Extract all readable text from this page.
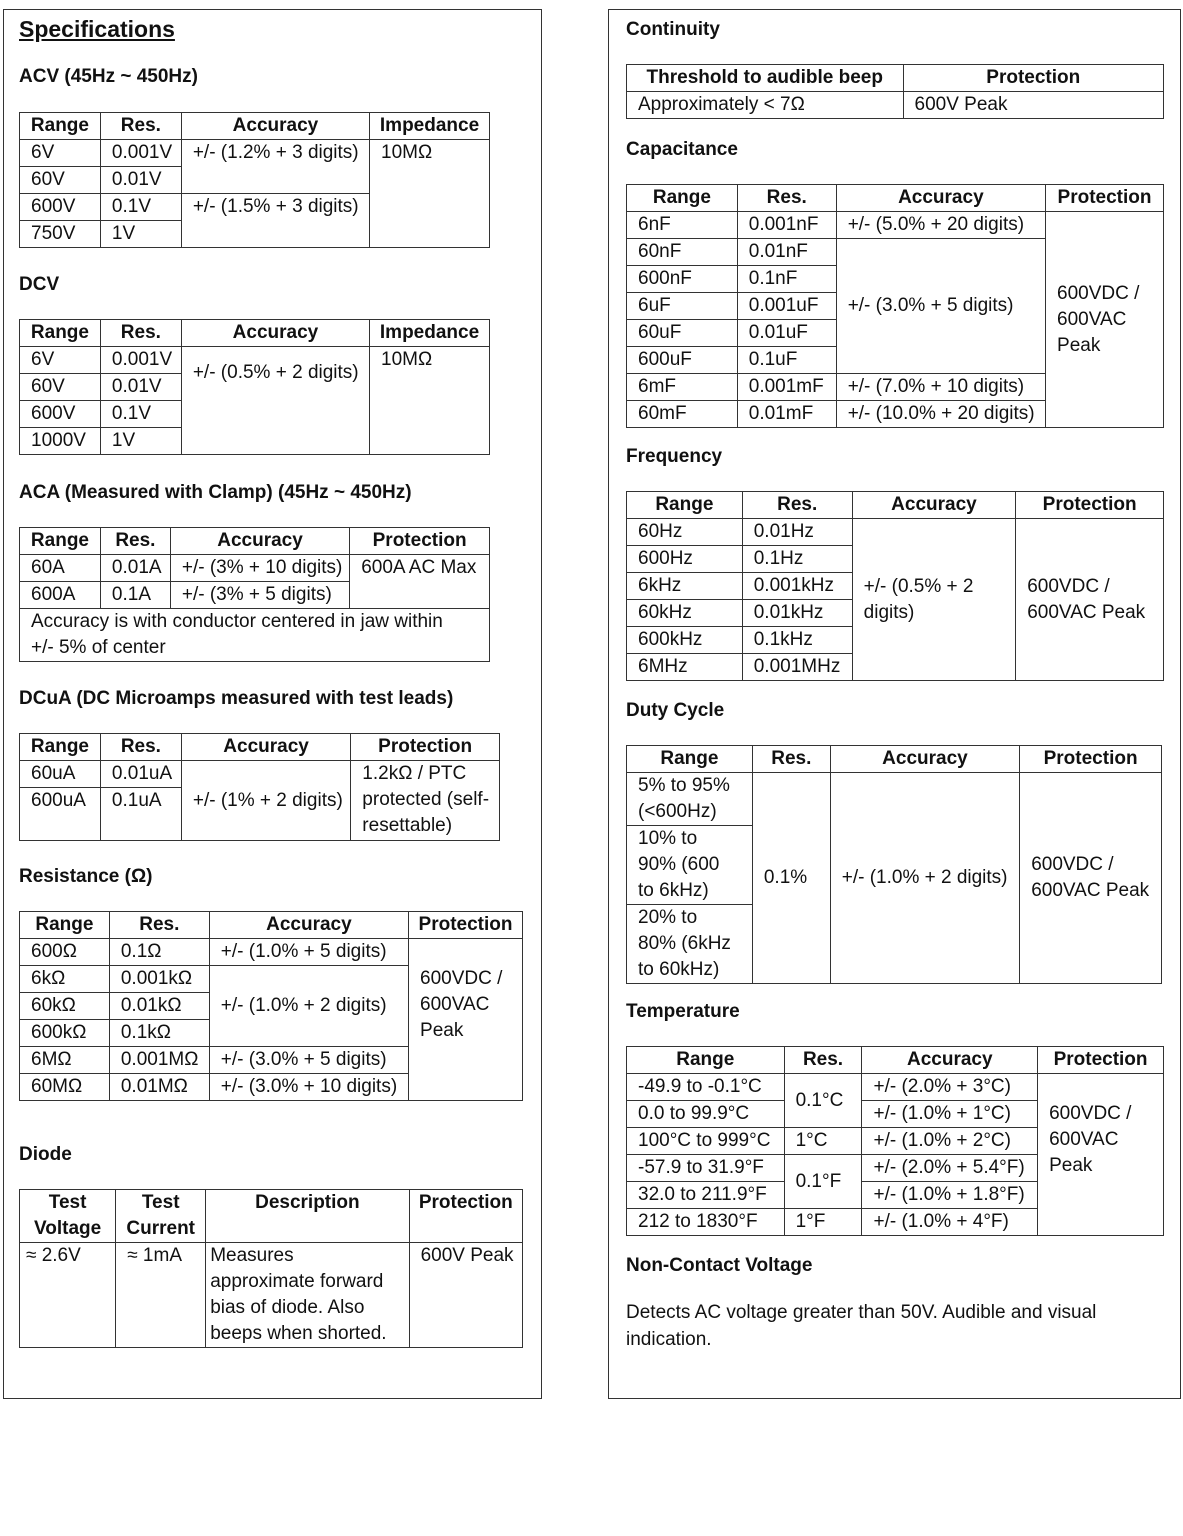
Specifications
ACV (45Hz ~ 450Hz)
Range	Res.	Accuracy	Impedance
6V	0.001V	+/- (1.2% + 3 digits)	10MΩ
60V	0.01V		
600V	0.1V	+/- (1.5% + 3 digits)	
750V	1V		
DCV
Range	Res.	Accuracy	Impedance
6V	0.001V	+/- (0.5% + 2 digits)	10MΩ
60V	0.01V		
600V	0.1V		
1000V	1V		
ACA (Measured with Clamp) (45Hz ~ 450Hz)
Range	Res.	Accuracy	Protection
60A	0.01A	+/- (3% + 10 digits)	600A AC Max
600A	0.1A	+/- (3% + 5 digits)	
Accuracy is with conductor centered in jaw within +/- 5% of center			
DCuA (DC Microamps measured with test leads)
Range	Res.	Accuracy	Protection
60uA	0.01uA	+/- (1% + 2 digits)	1.2kΩ / PTC protected (self-resettable)
600uA	0.1uA		
Resistance (Ω)
Range	Res.	Accuracy	Protection
600Ω	0.1Ω	+/- (1.0% + 5 digits)	600VDC / 600VAC Peak
6kΩ	0.001kΩ	+/- (1.0% + 2 digits)	
60kΩ	0.01kΩ		
600kΩ	0.1kΩ		
6MΩ	0.001MΩ	+/- (3.0% + 5 digits)	
60MΩ	0.01MΩ	+/- (3.0% + 10 digits)	
Diode
Test Voltage	Test Current	Description	Protection
≈ 2.6V	≈ 1mA	Measures approximate forward bias of diode. Also beeps when shorted.	600V Peak
Continuity
Threshold to audible beep	Protection
Approximately < 7Ω	600V Peak
Capacitance
Range	Res.	Accuracy	Protection
6nF	0.001nF	+/- (5.0% + 20 digits)	600VDC / 600VAC Peak
60nF	0.01nF	+/- (3.0% + 5 digits)	
600nF	0.1nF		
6uF	0.001uF		
60uF	0.01uF		
600uF	0.1uF		
6mF	0.001mF	+/- (7.0% + 10 digits)	
60mF	0.01mF	+/- (10.0% + 20 digits)	
Frequency
Range	Res.	Accuracy	Protection
60Hz	0.01Hz	+/- (0.5% + 2 digits)	600VDC / 600VAC Peak
600Hz	0.1Hz		
6kHz	0.001kHz		
60kHz	0.01kHz		
600kHz	0.1kHz		
6MHz	0.001MHz		
Duty Cycle
Range	Res.	Accuracy	Protection
5% to 95% (<600Hz)	0.1%	+/- (1.0% + 2 digits)	600VDC / 600VAC Peak
10% to 90% (600 to 6kHz)			
20% to 80% (6kHz to 60kHz)			
Temperature
Range	Res.	Accuracy	Protection
-49.9 to -0.1°C	0.1°C	+/- (2.0% + 3°C)	600VDC / 600VAC Peak
0.0 to 99.9°C		+/- (1.0% + 1°C)	
100°C to 999°C	1°C	+/- (1.0% + 2°C)	
-57.9 to 31.9°F	0.1°F	+/- (2.0% + 5.4°F)	
32.0 to 211.9°F		+/- (1.0% + 1.8°F)	
212 to 1830°F	1°F	+/- (1.0% + 4°F)	
Non-Contact Voltage
Detects AC voltage greater than 50V. Audible and visual indication.
